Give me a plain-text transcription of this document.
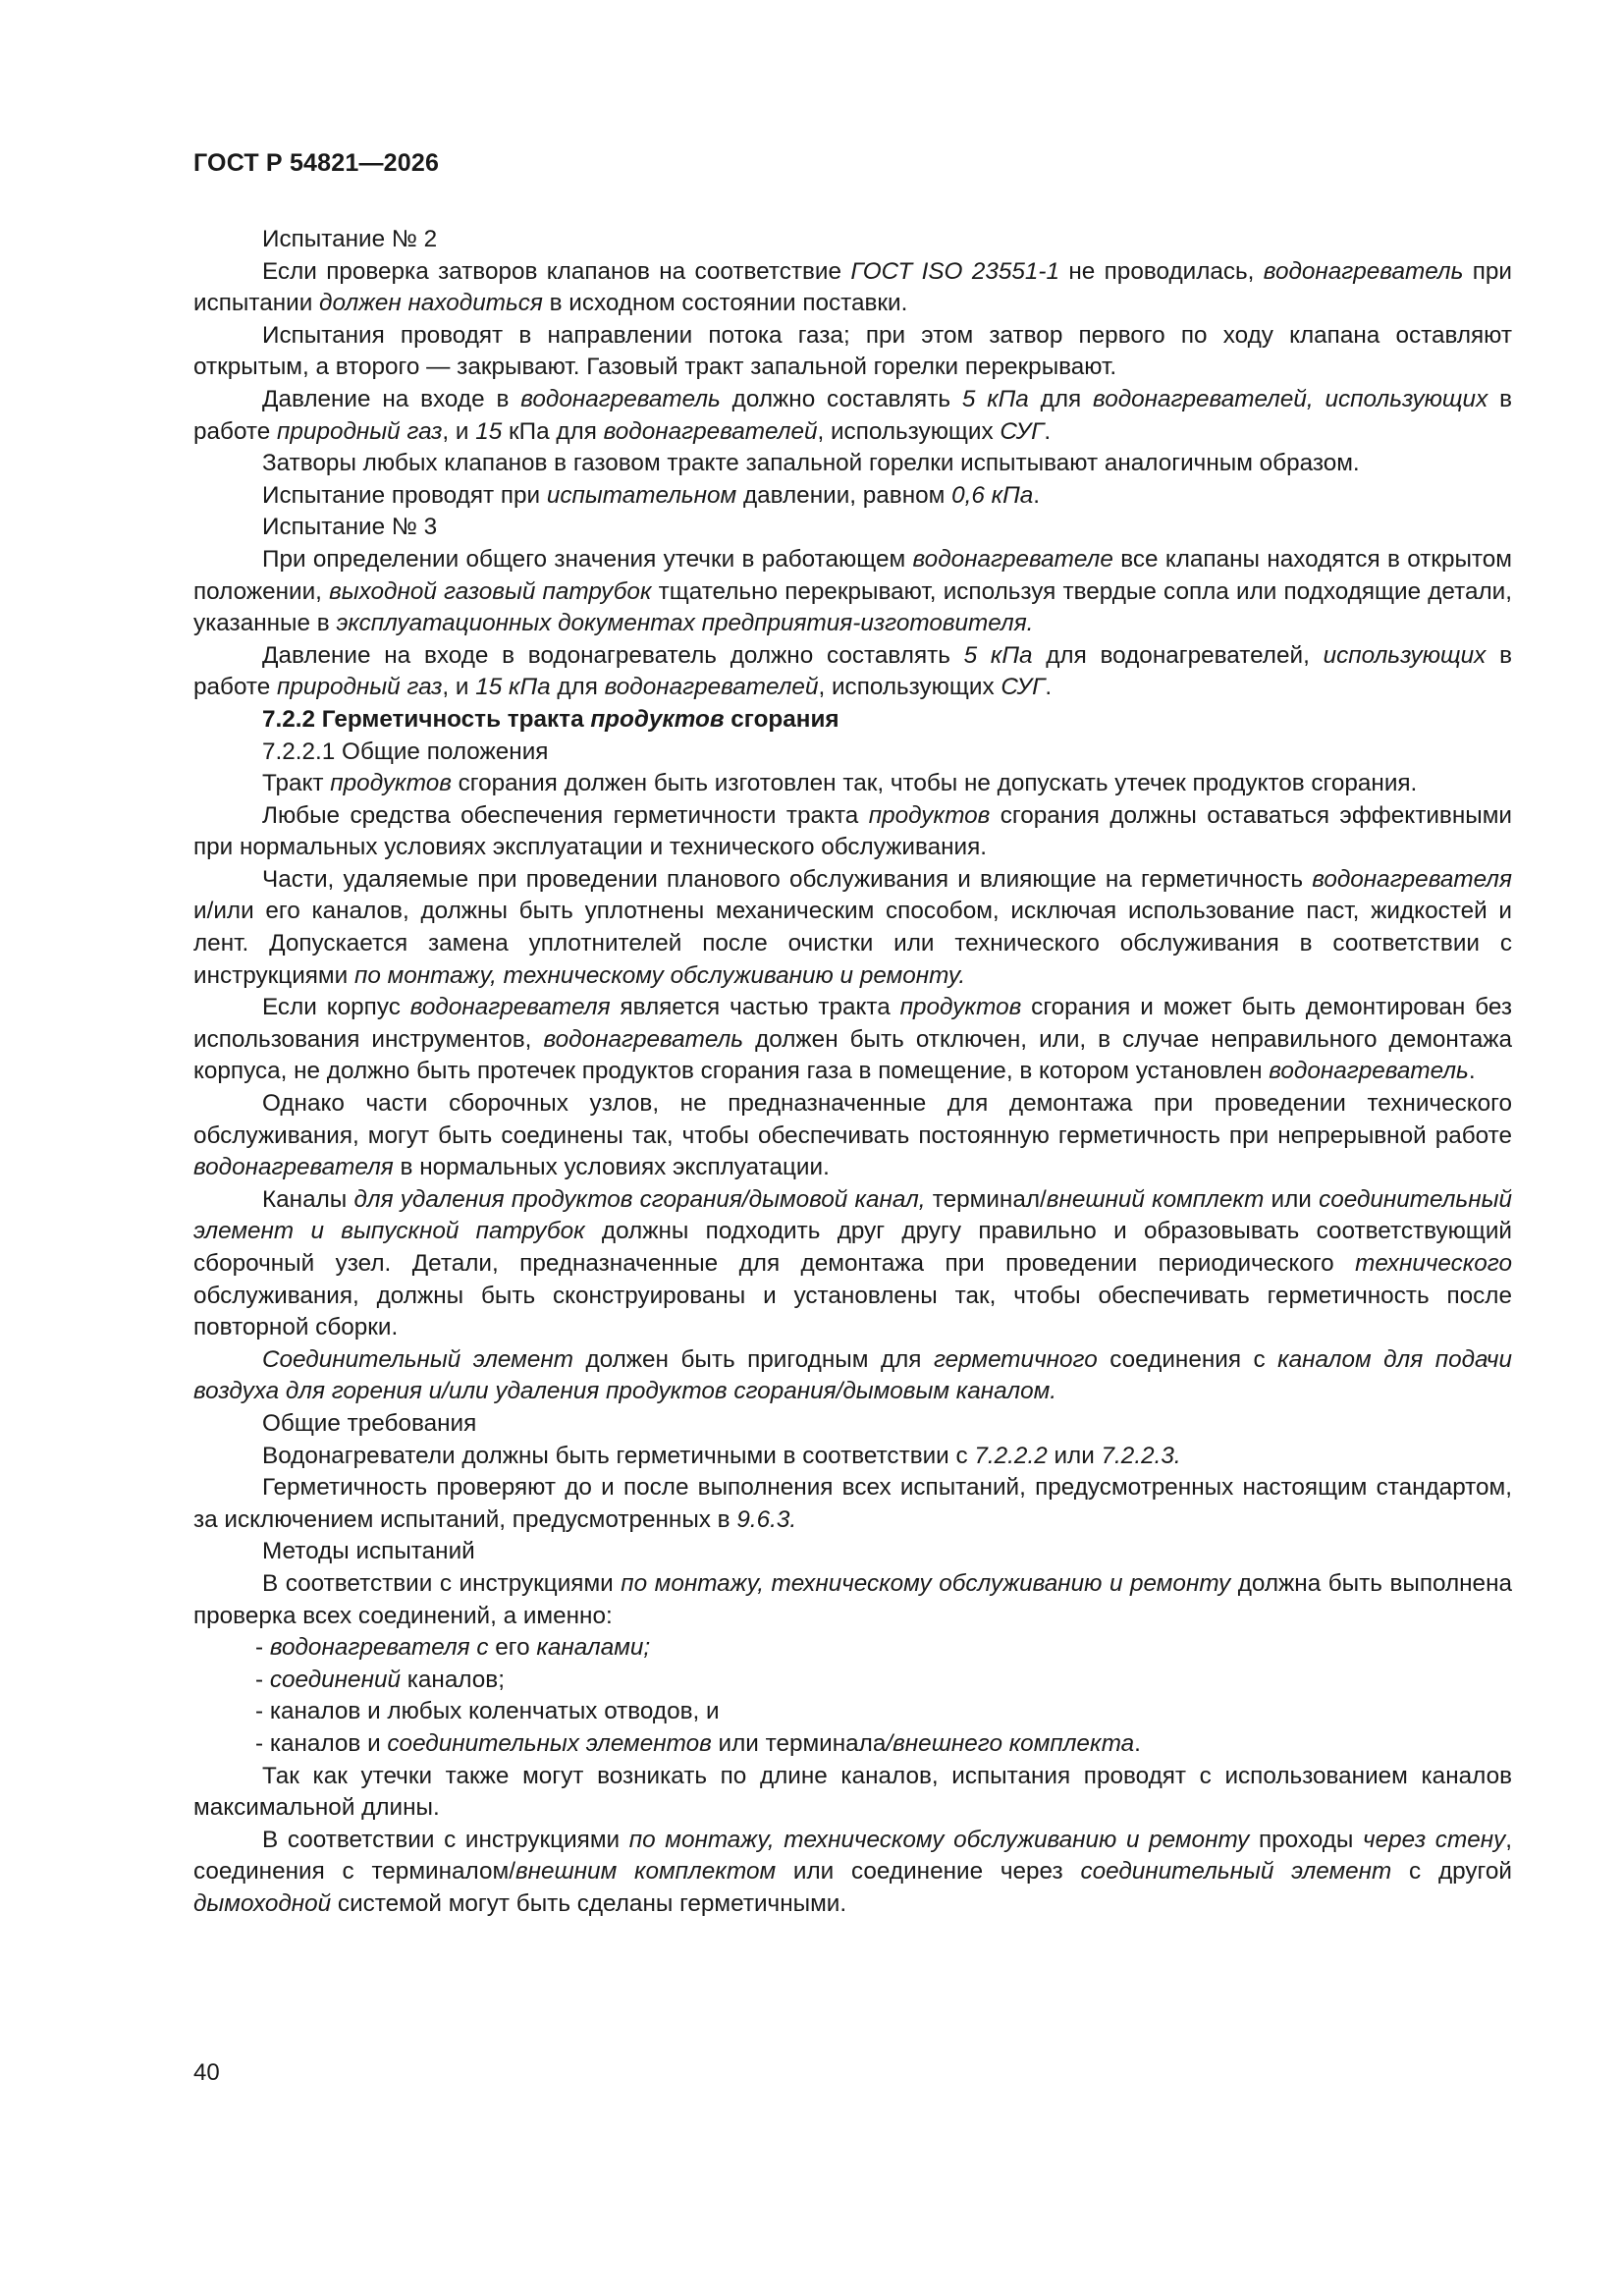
ГОСТ Р 54821—2026

Испытание № 2

Если проверка затворов клапанов на соответствие ГОСТ ISO 23551-1 не проводилась, водонагреватель при испытании должен находиться в исходном состоянии поставки.

Испытания проводят в направлении потока газа; при этом затвор первого по ходу клапана оставляют открытым, а второго — закрывают. Газовый тракт запальной горелки перекрывают.

Давление на входе в водонагреватель должно составлять 5 кПа для водонагревателей, использующих в работе природный газ, и 15 кПа для водонагревателей, использующих СУГ.

Затворы любых клапанов в газовом тракте запальной горелки испытывают аналогичным образом.

Испытание проводят при испытательном давлении, равном 0,6 кПа.

Испытание № 3

При определении общего значения утечки в работающем водонагревателе все клапаны находятся в открытом положении, выходной газовый патрубок тщательно перекрывают, используя твердые сопла или подходящие детали, указанные в эксплуатационных документах предприятия-изготовителя.

Давление на входе в водонагреватель должно составлять 5 кПа для водонагревателей, использующих в работе природный газ, и 15 кПа для водонагревателей, использующих СУГ.

7.2.2 Герметичность тракта продуктов сгорания

7.2.2.1 Общие положения

Тракт продуктов сгорания должен быть изготовлен так, чтобы не допускать утечек продуктов сгорания.

Любые средства обеспечения герметичности тракта продуктов сгорания должны оставаться эффективными при нормальных условиях эксплуатации и технического обслуживания.

Части, удаляемые при проведении планового обслуживания и влияющие на герметичность водонагревателя и/или его каналов, должны быть уплотнены механическим способом, исключая использование паст, жидкостей и лент. Допускается замена уплотнителей после очистки или технического обслуживания в соответствии с инструкциями по монтажу, техническому обслуживанию и ремонту.

Если корпус водонагревателя является частью тракта продуктов сгорания и может быть демонтирован без использования инструментов, водонагреватель должен быть отключен, или, в случае неправильного демонтажа корпуса, не должно быть протечек продуктов сгорания газа в помещение, в котором установлен водонагреватель.

Однако части сборочных узлов, не предназначенные для демонтажа при проведении технического обслуживания, могут быть соединены так, чтобы обеспечивать постоянную герметичность при непрерывной работе водонагревателя в нормальных условиях эксплуатации.

Каналы для удаления продуктов сгорания/дымовой канал, терминал/внешний комплект или соединительный элемент и выпускной патрубок должны подходить друг другу правильно и образовывать соответствующий сборочный узел. Детали, предназначенные для демонтажа при проведении периодического технического обслуживания, должны быть сконструированы и установлены так, чтобы обеспечивать герметичность после повторной сборки.

Соединительный элемент должен быть пригодным для герметичного соединения с каналом для подачи воздуха для горения и/или удаления продуктов сгорания/дымовым каналом.

Общие требования

Водонагреватели должны быть герметичными в соответствии с 7.2.2.2 или 7.2.2.3.

Герметичность проверяют до и после выполнения всех испытаний, предусмотренных настоящим стандартом, за исключением испытаний, предусмотренных в 9.6.3.

Методы испытаний

В соответствии с инструкциями по монтажу, техническому обслуживанию и ремонту должна быть выполнена проверка всех соединений, а именно:

- водонагревателя с его каналами;

- соединений каналов;

- каналов и любых коленчатых отводов, и

- каналов и соединительных элементов или терминала/внешнего комплекта.

Так как утечки также могут возникать по длине каналов, испытания проводят с использованием каналов максимальной длины.

В соответствии с инструкциями по монтажу, техническому обслуживанию и ремонту проходы через стену, соединения с терминалом/внешним комплектом или соединение через соединительный элемент с другой дымоходной системой могут быть сделаны герметичными.

40
